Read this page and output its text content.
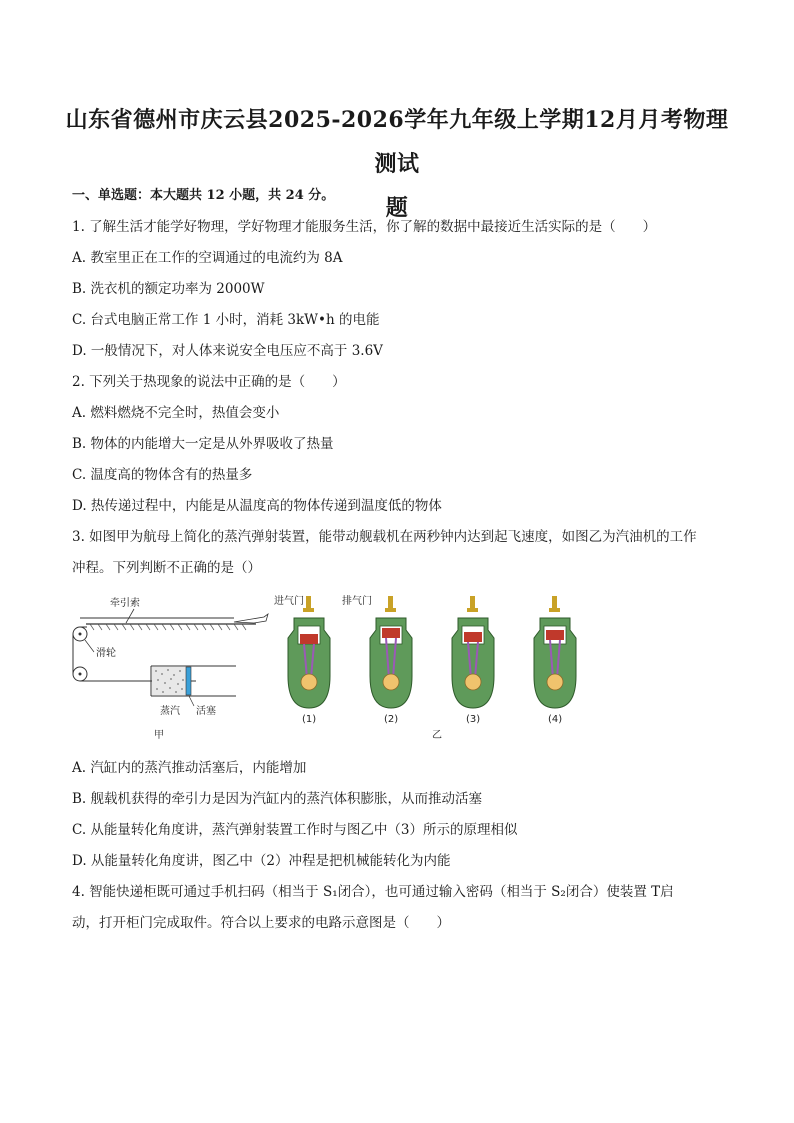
山东省德州市庆云县2025-2026学年九年级上学期12月月考物理测试
题
一、单选题：本大题共 12 小题，共 24 分。
1. 了解生活才能学好物理，学好物理才能服务生活，你了解的数据中最接近生活实际的是（　　）
A. 教室里正在工作的空调通过的电流约为 8A
B. 洗衣机的额定功率为 2000W
C. 台式电脑正常工作 1 小时，消耗 3kW•h 的电能
D. 一般情况下，对人体来说安全电压应不高于 3.6V
2. 下列关于热现象的说法中正确的是（　　）
A. 燃料燃烧不完全时，热值会变小
B. 物体的内能增大一定是从外界吸收了热量
C. 温度高的物体含有的热量多
D. 热传递过程中，内能是从温度高的物体传递到温度低的物体
3. 如图甲为航母上简化的蒸汽弹射装置，能带动舰载机在两秒钟内达到起飞速度，如图乙为汽油机的工作
冲程。下列判断不正确的是（）
牵引索
滑轮
蒸汽 活塞
甲
进气门	排气门
(1)	(2)	(3)	(4)
乙
A. 汽缸内的蒸汽推动活塞后，内能增加
B. 舰载机获得的牵引力是因为汽缸内的蒸汽体积膨胀，从而推动活塞
C. 从能量转化角度讲，蒸汽弹射装置工作时与图乙中（3）所示的原理相似
D. 从能量转化角度讲，图乙中（2）冲程是把机械能转化为内能
4. 智能快递柜既可通过手机扫码（相当于 S₁闭合），也可通过输入密码（相当于 S₂闭合）使装置 T启
动，打开柜门完成取件。符合以上要求的电路示意图是（　　）
